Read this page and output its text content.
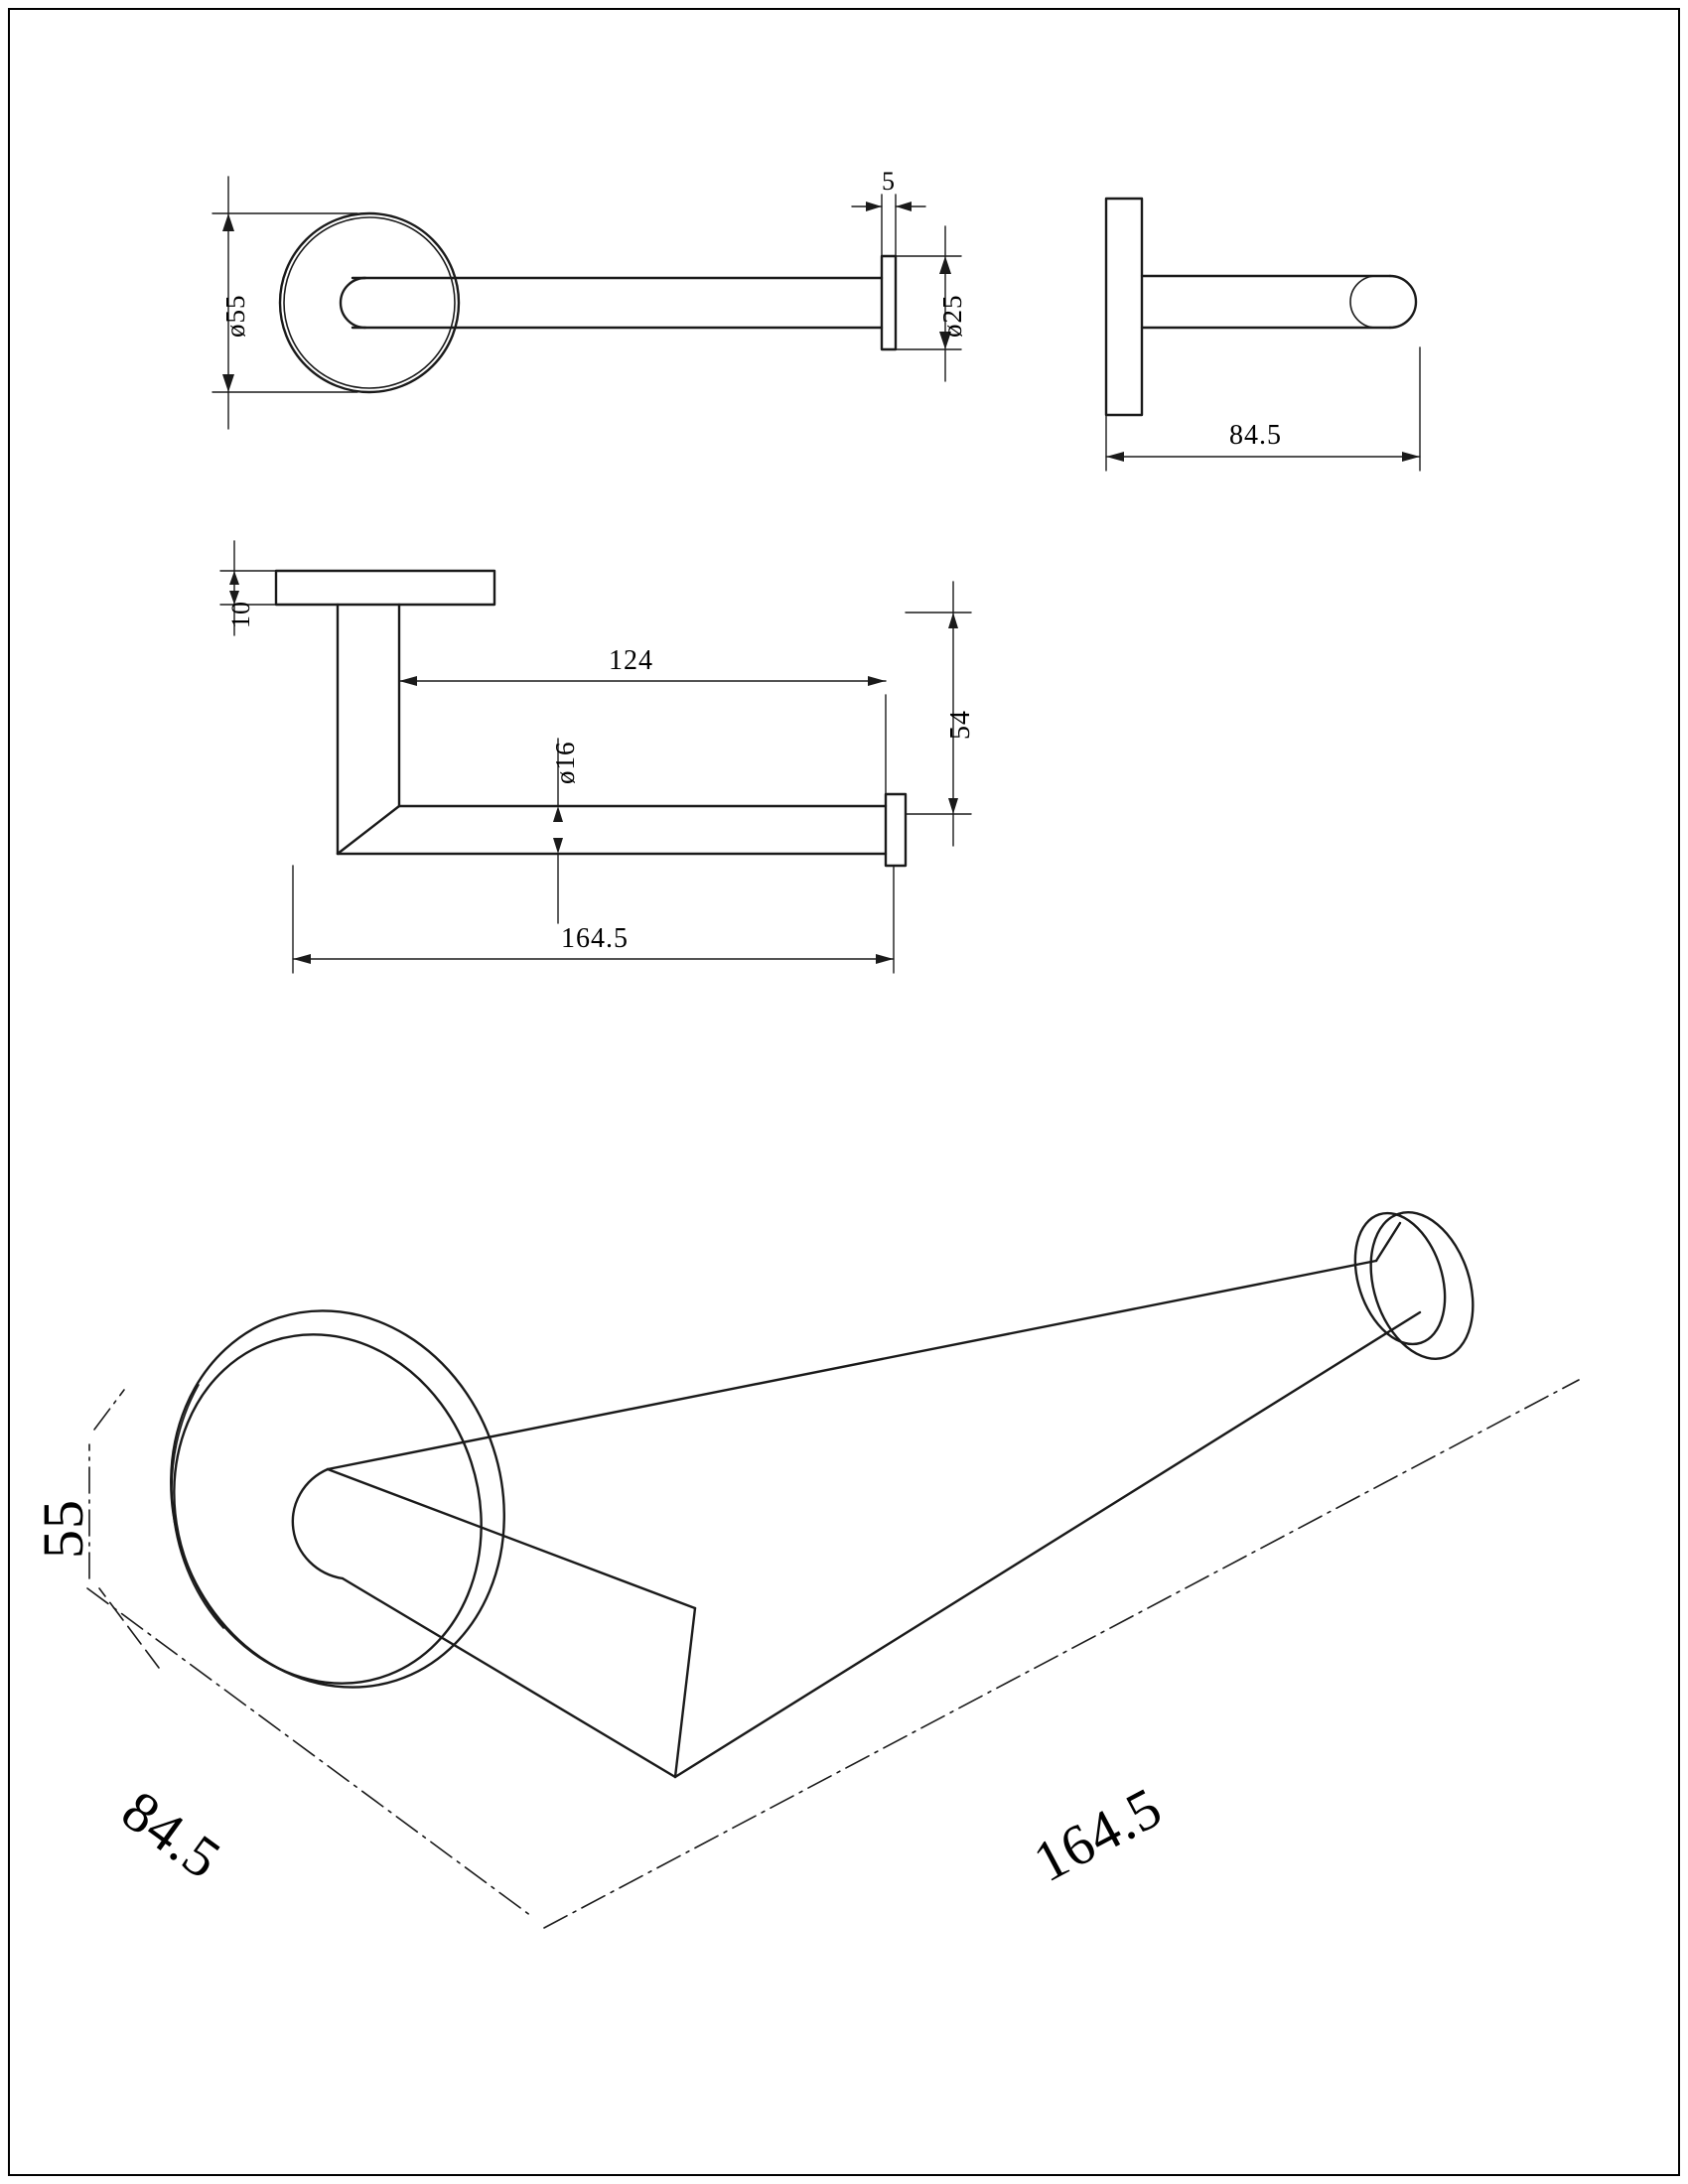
ø55
5
ø25
84.5
10
124
ø16
54
164.5
55
84.5	164.5
